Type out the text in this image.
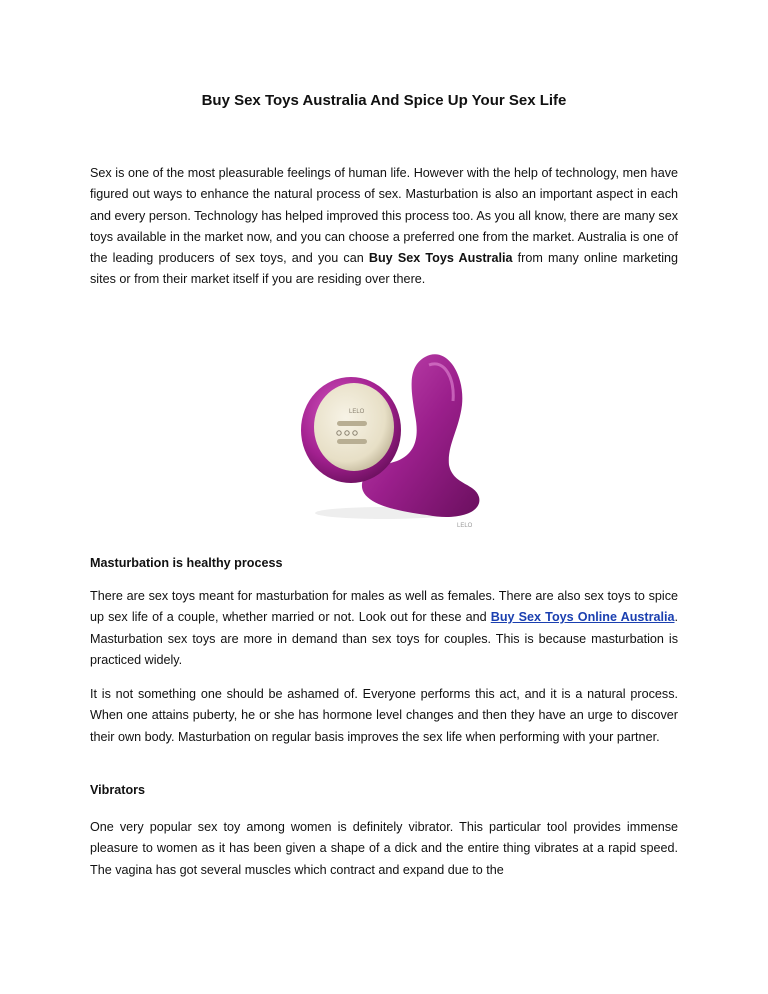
Buy Sex Toys Australia And Spice Up Your Sex Life

Sex is one of the most pleasurable feelings of human life. However with the help of technology, men have figured out ways to enhance the natural process of sex. Masturbation is also an important aspect in each and every person. Technology has helped improved this process too. As you all know, there are many sex toys available in the market now, and you can choose a preferred one from the market. Australia is one of the leading producers of sex toys, and you can Buy Sex Toys Australia from many online marketing sites or from their market itself if you are residing over there.

LELO
LELO
Masturbation is healthy process

There are sex toys meant for masturbation for males as well as females. There are also sex toys to spice up sex life of a couple, whether married or not. Look out for these and Buy Sex Toys Online Australia. Masturbation sex toys are more in demand than sex toys for couples. This is because masturbation is practiced widely.

It is not something one should be ashamed of. Everyone performs this act, and it is a natural process. When one attains puberty, he or she has hormone level changes and then they have an urge to discover their own body. Masturbation on regular basis improves the sex life when performing with your partner.

Vibrators

One very popular sex toy among women is definitely vibrator. This particular tool provides immense pleasure to women as it has been given a shape of a dick and the entire thing vibrates at a rapid speed. The vagina has got several muscles which contract and expand due to the
